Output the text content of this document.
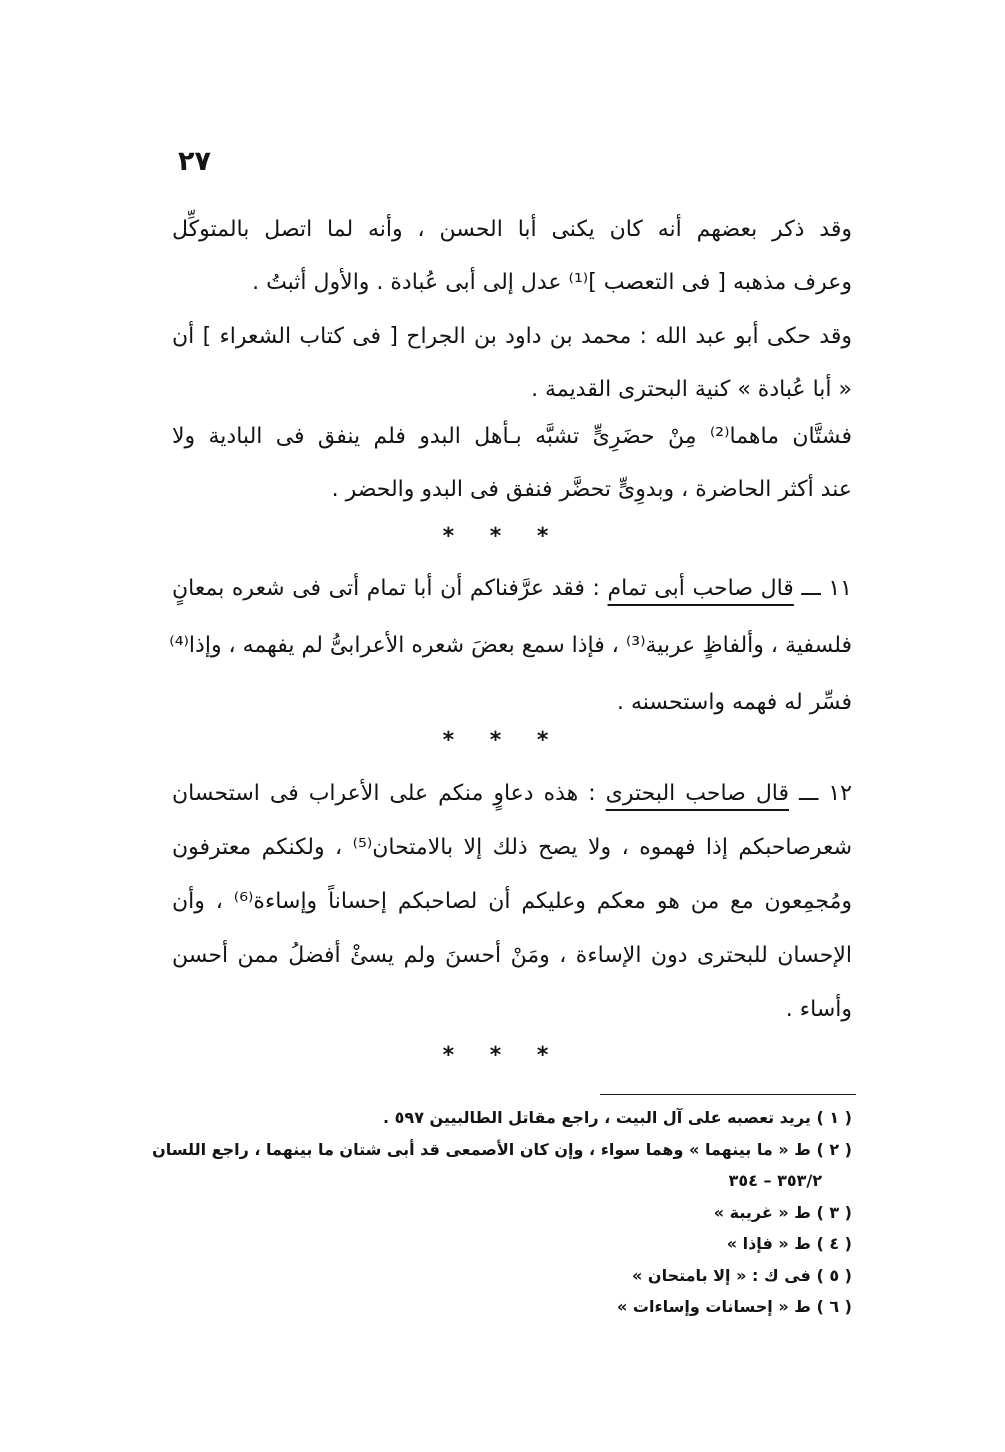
٢٧
وقد ذكر بعضهم أنه كان يكنى أبا الحسن ، وأنه لما اتصل بالمتوكِّل
وعرف مذهبه [ فى التعصب ]⁽¹⁾ عدل إلى أبى عُبادة . والأول أثبتُ .
وقد حكى أبو عبد الله : محمد بن داود بن الجراح [ فى كتاب الشعراء ] أن
« أبا عُبادة » كنية البحترى القديمة .
فشتَّان ماهما⁽²⁾ مِنْ حضَرِىٍّ تشبَّه بـأهل البدو فلم ينفق فى البادية ولا
عند أكثر الحاضرة ، وبدوِىٍّ تحضَّر فنفق فى البدو والحضر .
* * *
١١ ـــ قال صاحب أبى تمام : فقد عرَّفناكم أن أبا تمام أتى فى شعره بمعانٍ
فلسفية ، وألفاظٍ عربية⁽³⁾ ، فإذا سمع بعضَ شعره الأعرابىُّ لم يفهمه ، وإذا⁽⁴⁾
فسِّر له فهمه واستحسنه .
* * *
١٢ ـــ قال صاحب البحترى : هذه دعاوٍ منكم على الأعراب فى استحسان
شعرصاحبكم إذا فهموه ، ولا يصح ذلك إلا بالامتحان⁽⁵⁾ ، ولكنكم معترفون
ومُجمِعون مع من هو معكم وعليكم أن لصاحبكم إحساناً وإساءة⁽⁶⁾ ، وأن
الإحسان للبحترى دون الإساءة ، ومَنْ أحسنَ ولم يسئْ أفضلُ ممن أحسن
وأساء .
* * *
( ١ ) يريد تعصبه على آل البيت ، راجع مقاتل الطالبيين ٥٩٧ .
( ٢ ) ط « ما بينهما » وهما سواء ، وإن كان الأصمعى قد أبى شتان ما بينهما ، راجع اللسان
٣٥٣/٢ – ٣٥٤
( ٣ ) ط « غريبة »
( ٤ ) ط « فإذا »
( ٥ ) فى ك : « إلا بامتحان »
( ٦ ) ط « إحسانات وإساءات »
